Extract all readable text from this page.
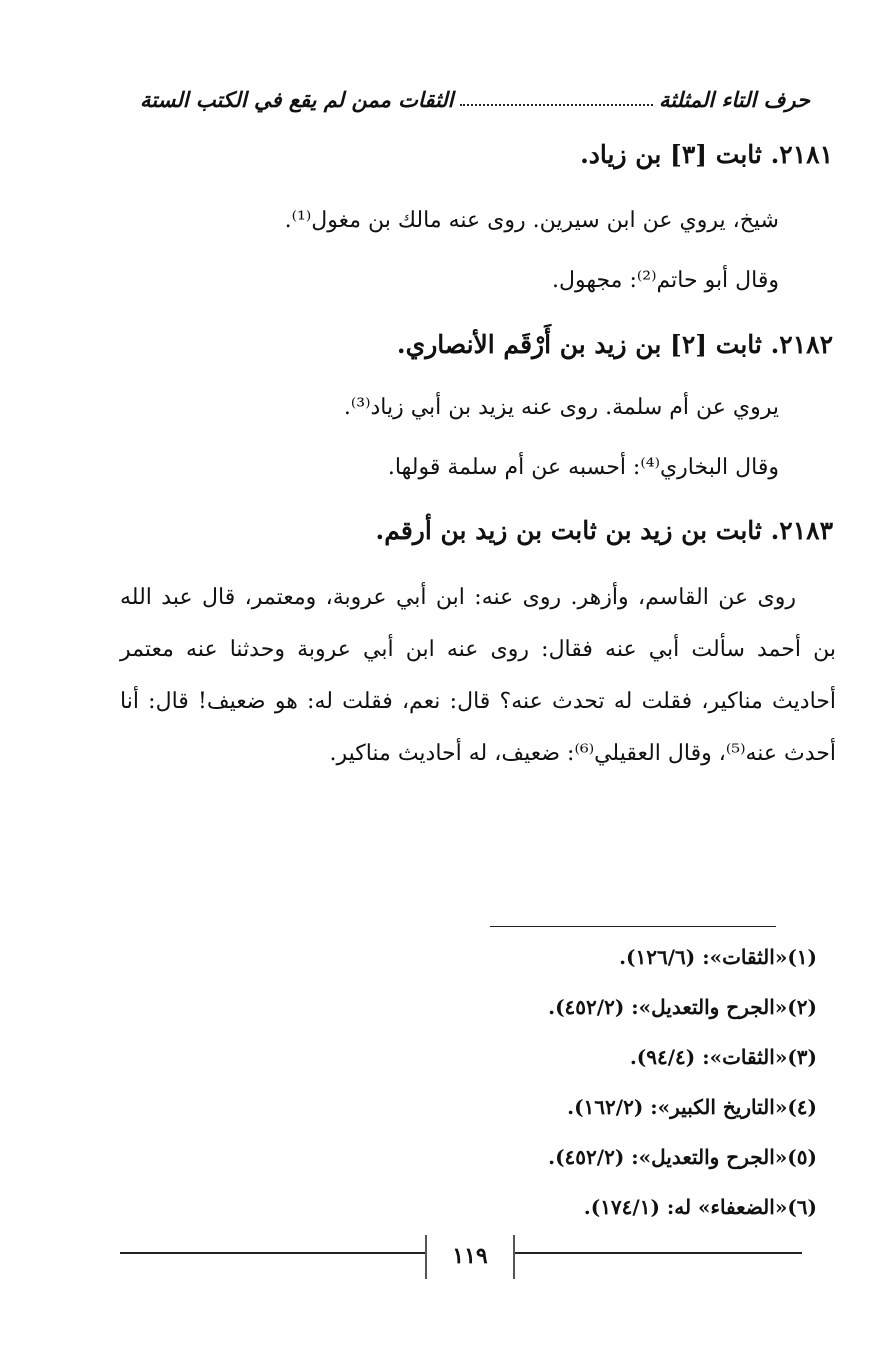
الثقات ممن لم يقع في الكتب الستة	حرف التاء المثلثة
٢١٨١. ثابت [٣] بن زياد.
شيخ، يروي عن ابن سيرين. روى عنه مالك بن مغول⁽¹⁾.
وقال أبو حاتم⁽²⁾: مجهول.
٢١٨٢. ثابت [٢] بن زيد بن أَرْقَم الأنصاري.
يروي عن أم سلمة. روى عنه يزيد بن أبي زياد⁽³⁾.
وقال البخاري⁽⁴⁾: أحسبه عن أم سلمة قولها.
٢١٨٣. ثابت بن زيد بن ثابت بن زيد بن أرقم.

روى عن القاسم، وأزهر. روى عنه: ابن أبي عروبة، ومعتمر، قال عبد الله بن أحمد سألت أبي عنه فقال: روى عنه ابن أبي عروبة وحدثنا عنه معتمر أحاديث مناكير، فقلت له تحدث عنه؟ قال: نعم، فقلت له: هو ضعيف! قال: أنا أحدث عنه⁽⁵⁾، وقال العقيلي⁽⁶⁾: ضعيف، له أحاديث مناكير.

(١)«الثقات»: (١٢٦/٦).
(٢)«الجرح والتعديل»: (٤٥٢/٢).
(٣)«الثقات»: (٩٤/٤).
(٤)«التاريخ الكبير»: (١٦٢/٢).
(٥)«الجرح والتعديل»: (٤٥٢/٢).
(٦)«الضعفاء» له: (١٧٤/١).
١١٩
